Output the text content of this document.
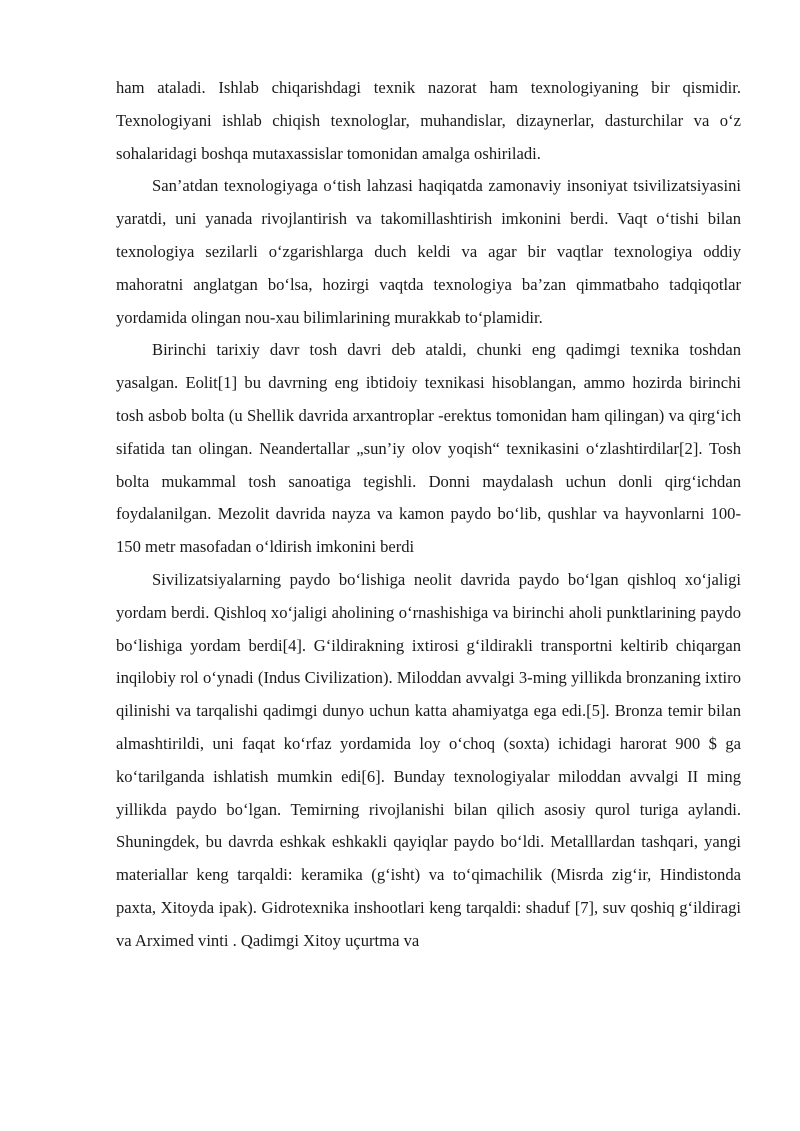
ham ataladi. Ishlab chiqarishdagi texnik nazorat ham texnologiyaning bir qismidir. Texnologiyani ishlab chiqish texnologlar, muhandislar, dizaynerlar, dasturchilar va o‘z sohalaridagi boshqa mutaxassislar tomonidan amalga oshiriladi.

San’atdan texnologiyaga o‘tish lahzasi haqiqatda zamonaviy insoniyat tsivilizatsiyasini yaratdi, uni yanada rivojlantirish va takomillashtirish imkonini berdi. Vaqt o‘tishi bilan texnologiya sezilarli o‘zgarishlarga duch keldi va agar bir vaqtlar texnologiya oddiy mahoratni anglatgan bo‘lsa, hozirgi vaqtda texnologiya ba’zan qimmatbaho tadqiqotlar yordamida olingan nou-xau bilimlarining murakkab to‘plamidir.

Birinchi tarixiy davr tosh davri deb ataldi, chunki eng qadimgi texnika toshdan yasalgan. Eolit[1] bu davrning eng ibtidoiy texnikasi hisoblangan, ammo hozirda birinchi tosh asbob bolta (u Shellik davrida arxantroplar -erektus tomonidan ham qilingan) va qirg‘ich sifatida tan olingan. Neandertallar „sun’iy olov yoqish“ texnikasini o‘zlashtirdilar[2]. Tosh bolta mukammal tosh sanoatiga tegishli. Donni maydalash uchun donli qirg‘ichdan foydalanilgan. Mezolit davrida nayza va kamon paydo bo‘lib, qushlar va hayvonlarni 100-150 metr masofadan o‘ldirish imkonini berdi

Sivilizatsiyalarning paydo bo‘lishiga neolit davrida paydo bo‘lgan qishloq xo‘jaligi yordam berdi. Qishloq xo‘jaligi aholining o‘rnashishiga va birinchi aholi punktlarining paydo bo‘lishiga yordam berdi[4]. G‘ildirakning ixtirosi g‘ildirakli transportni keltirib chiqargan inqilobiy rol o‘ynadi (Indus Civilization). Miloddan avvalgi 3-ming yillikda bronzaning ixtiro qilinishi va tarqalishi qadimgi dunyo uchun katta ahamiyatga ega edi.[5]. Bronza temir bilan almashtirildi, uni faqat ko‘rfaz yordamida loy o‘choq (soxta) ichidagi harorat 900 $ ga ko‘tarilganda ishlatish mumkin edi[6]. Bunday texnologiyalar miloddan avvalgi II ming yillikda paydo bo‘lgan. Temirning rivojlanishi bilan qilich asosiy qurol turiga aylandi. Shuningdek, bu davrda eshkak eshkakli qayiqlar paydo bo‘ldi. Metalllardan tashqari, yangi materiallar keng tarqaldi: keramika (g‘isht) va to‘qimachilik (Misrda zig‘ir, Hindistonda paxta, Xitoyda ipak). Gidrotexnika inshootlari keng tarqaldi: shaduf [7], suv qoshiq g‘ildiragi va Arximed vinti . Qadimgi Xitoy uçurtma va
